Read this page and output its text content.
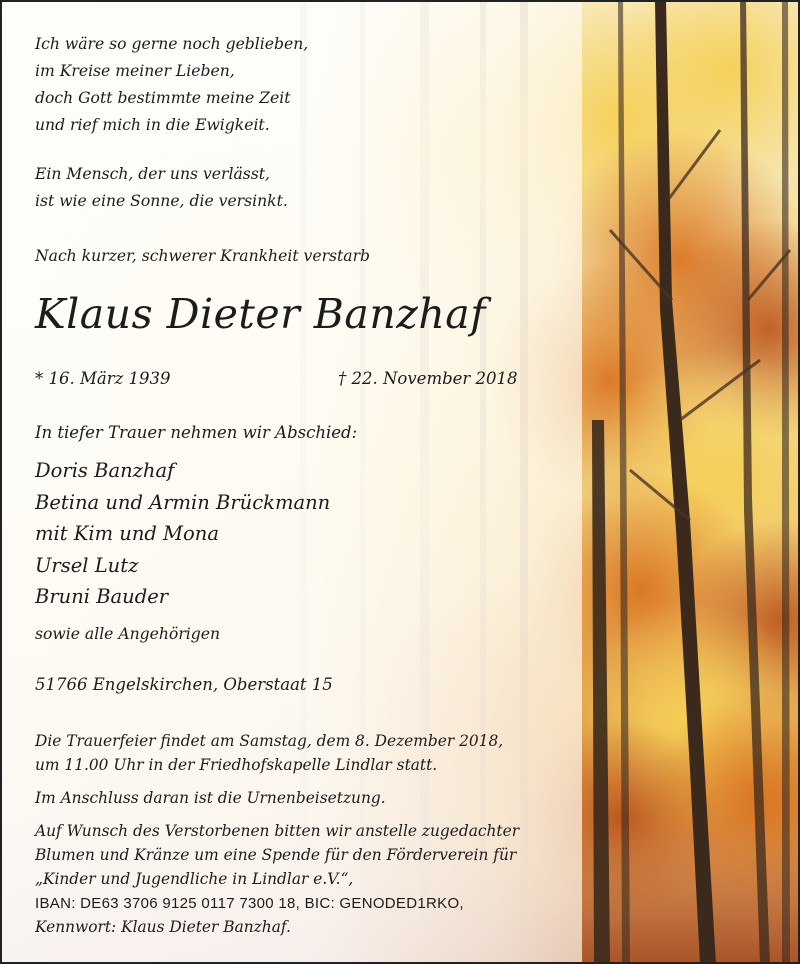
Ich wäre so gerne noch geblieben,
im Kreise meiner Lieben,
doch Gott bestimmte meine Zeit
und rief mich in die Ewigkeit.
Ein Mensch, der uns verlässt,
ist wie eine Sonne, die versinkt.
Nach kurzer, schwerer Krankheit verstarb
Klaus Dieter Banzhaf
* 16. März 1939	† 22. November 2018
In tiefer Trauer nehmen wir Abschied:
Doris Banzhaf
Betina und Armin Brückmann
mit Kim und Mona
Ursel Lutz
Bruni Bauder
sowie alle Angehörigen
51766 Engelskirchen, Oberstaat 15
Die Trauerfeier findet am Samstag, dem 8. Dezember 2018,
um 11.00 Uhr in der Friedhofskapelle Lindlar statt.
Im Anschluss daran ist die Urnenbeisetzung.
Auf Wunsch des Verstorbenen bitten wir anstelle zugedachter
Blumen und Kränze um eine Spende für den Förderverein für
„Kinder und Jugendliche in Lindlar e.V.“,
IBAN: DE63 3706 9125 0117 7300 18, BIC: GENODED1RKO,
Kennwort: Klaus Dieter Banzhaf.
